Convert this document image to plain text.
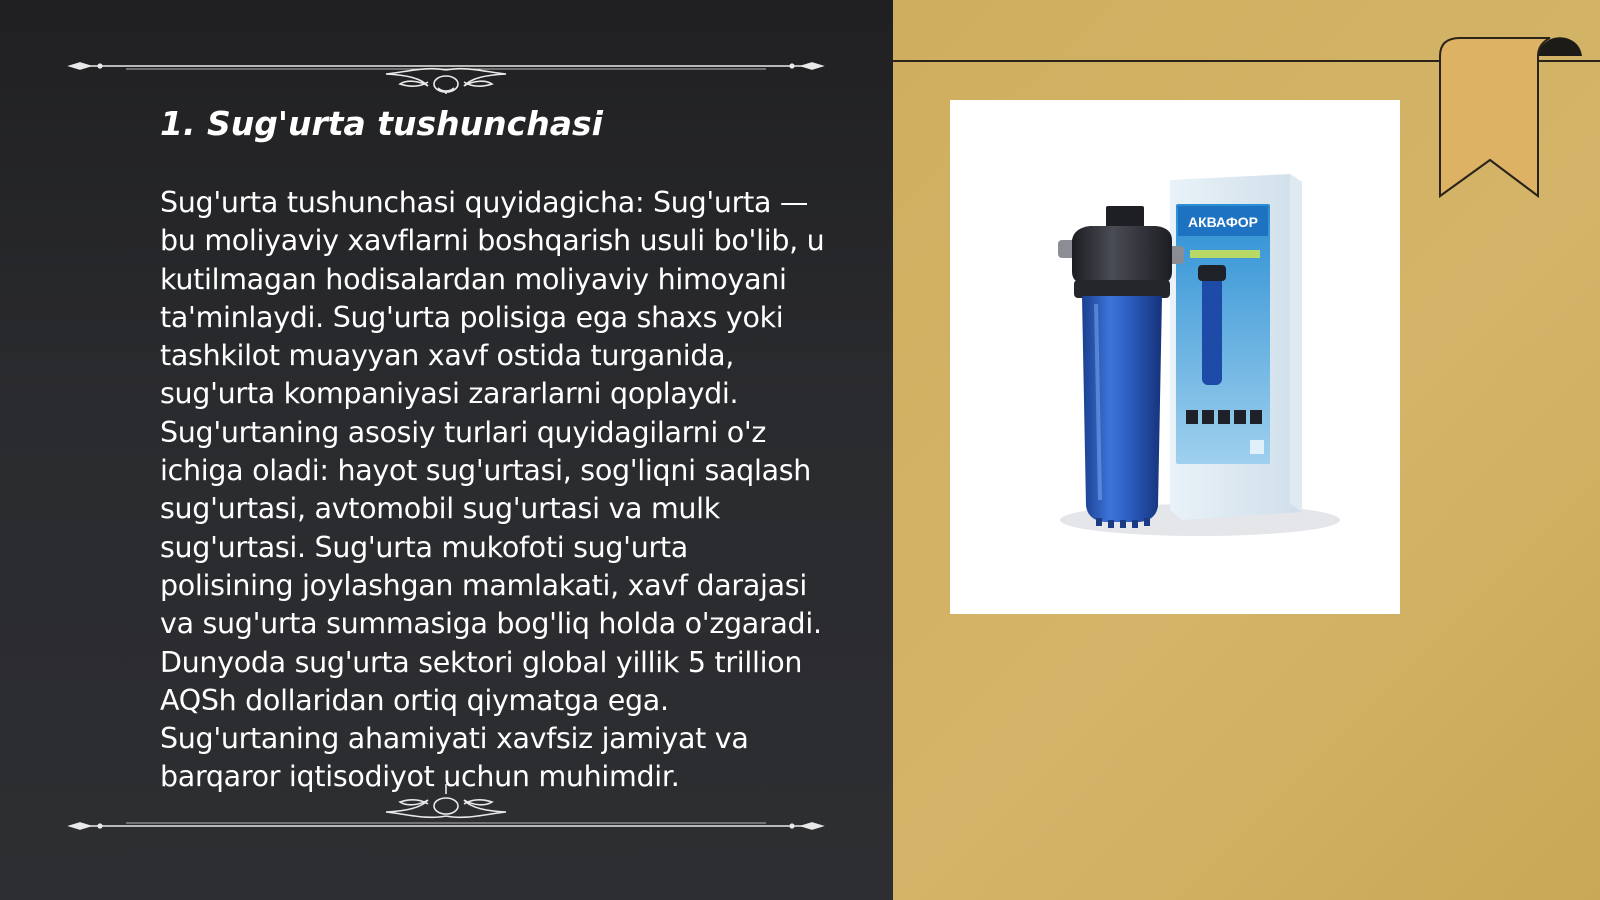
1. Sug'urta tushunchasi

Sug'urta tushunchasi quyidagicha: Sug'urta — bu moliyaviy xavflarni boshqarish usuli bo'lib, u kutilmagan hodisalardan moliyaviy himoyani ta'minlaydi. Sug'urta polisiga ega shaxs yoki tashkilot muayyan xavf ostida turganida, sug'urta kompaniyasi zararlarni qoplaydi. Sug'urtaning asosiy turlari quyidagilarni o'z ichiga oladi: hayot sug'urtasi, sog'liqni saqlash sug'urtasi, avtomobil sug'urtasi va mulk sug'urtasi. Sug'urta mukofoti sug'urta polisining joylashgan mamlakati, xavf darajasi va sug'urta summasiga bog'liq holda o'zgaradi. Dunyoda sug'urta sektori global yillik 5 trillion AQSh dollaridan ortiq qiymatga ega. Sug'urtaning ahamiyati xavfsiz jamiyat va barqaror iqtisodiyot uchun muhimdir.

АКВАФОР
